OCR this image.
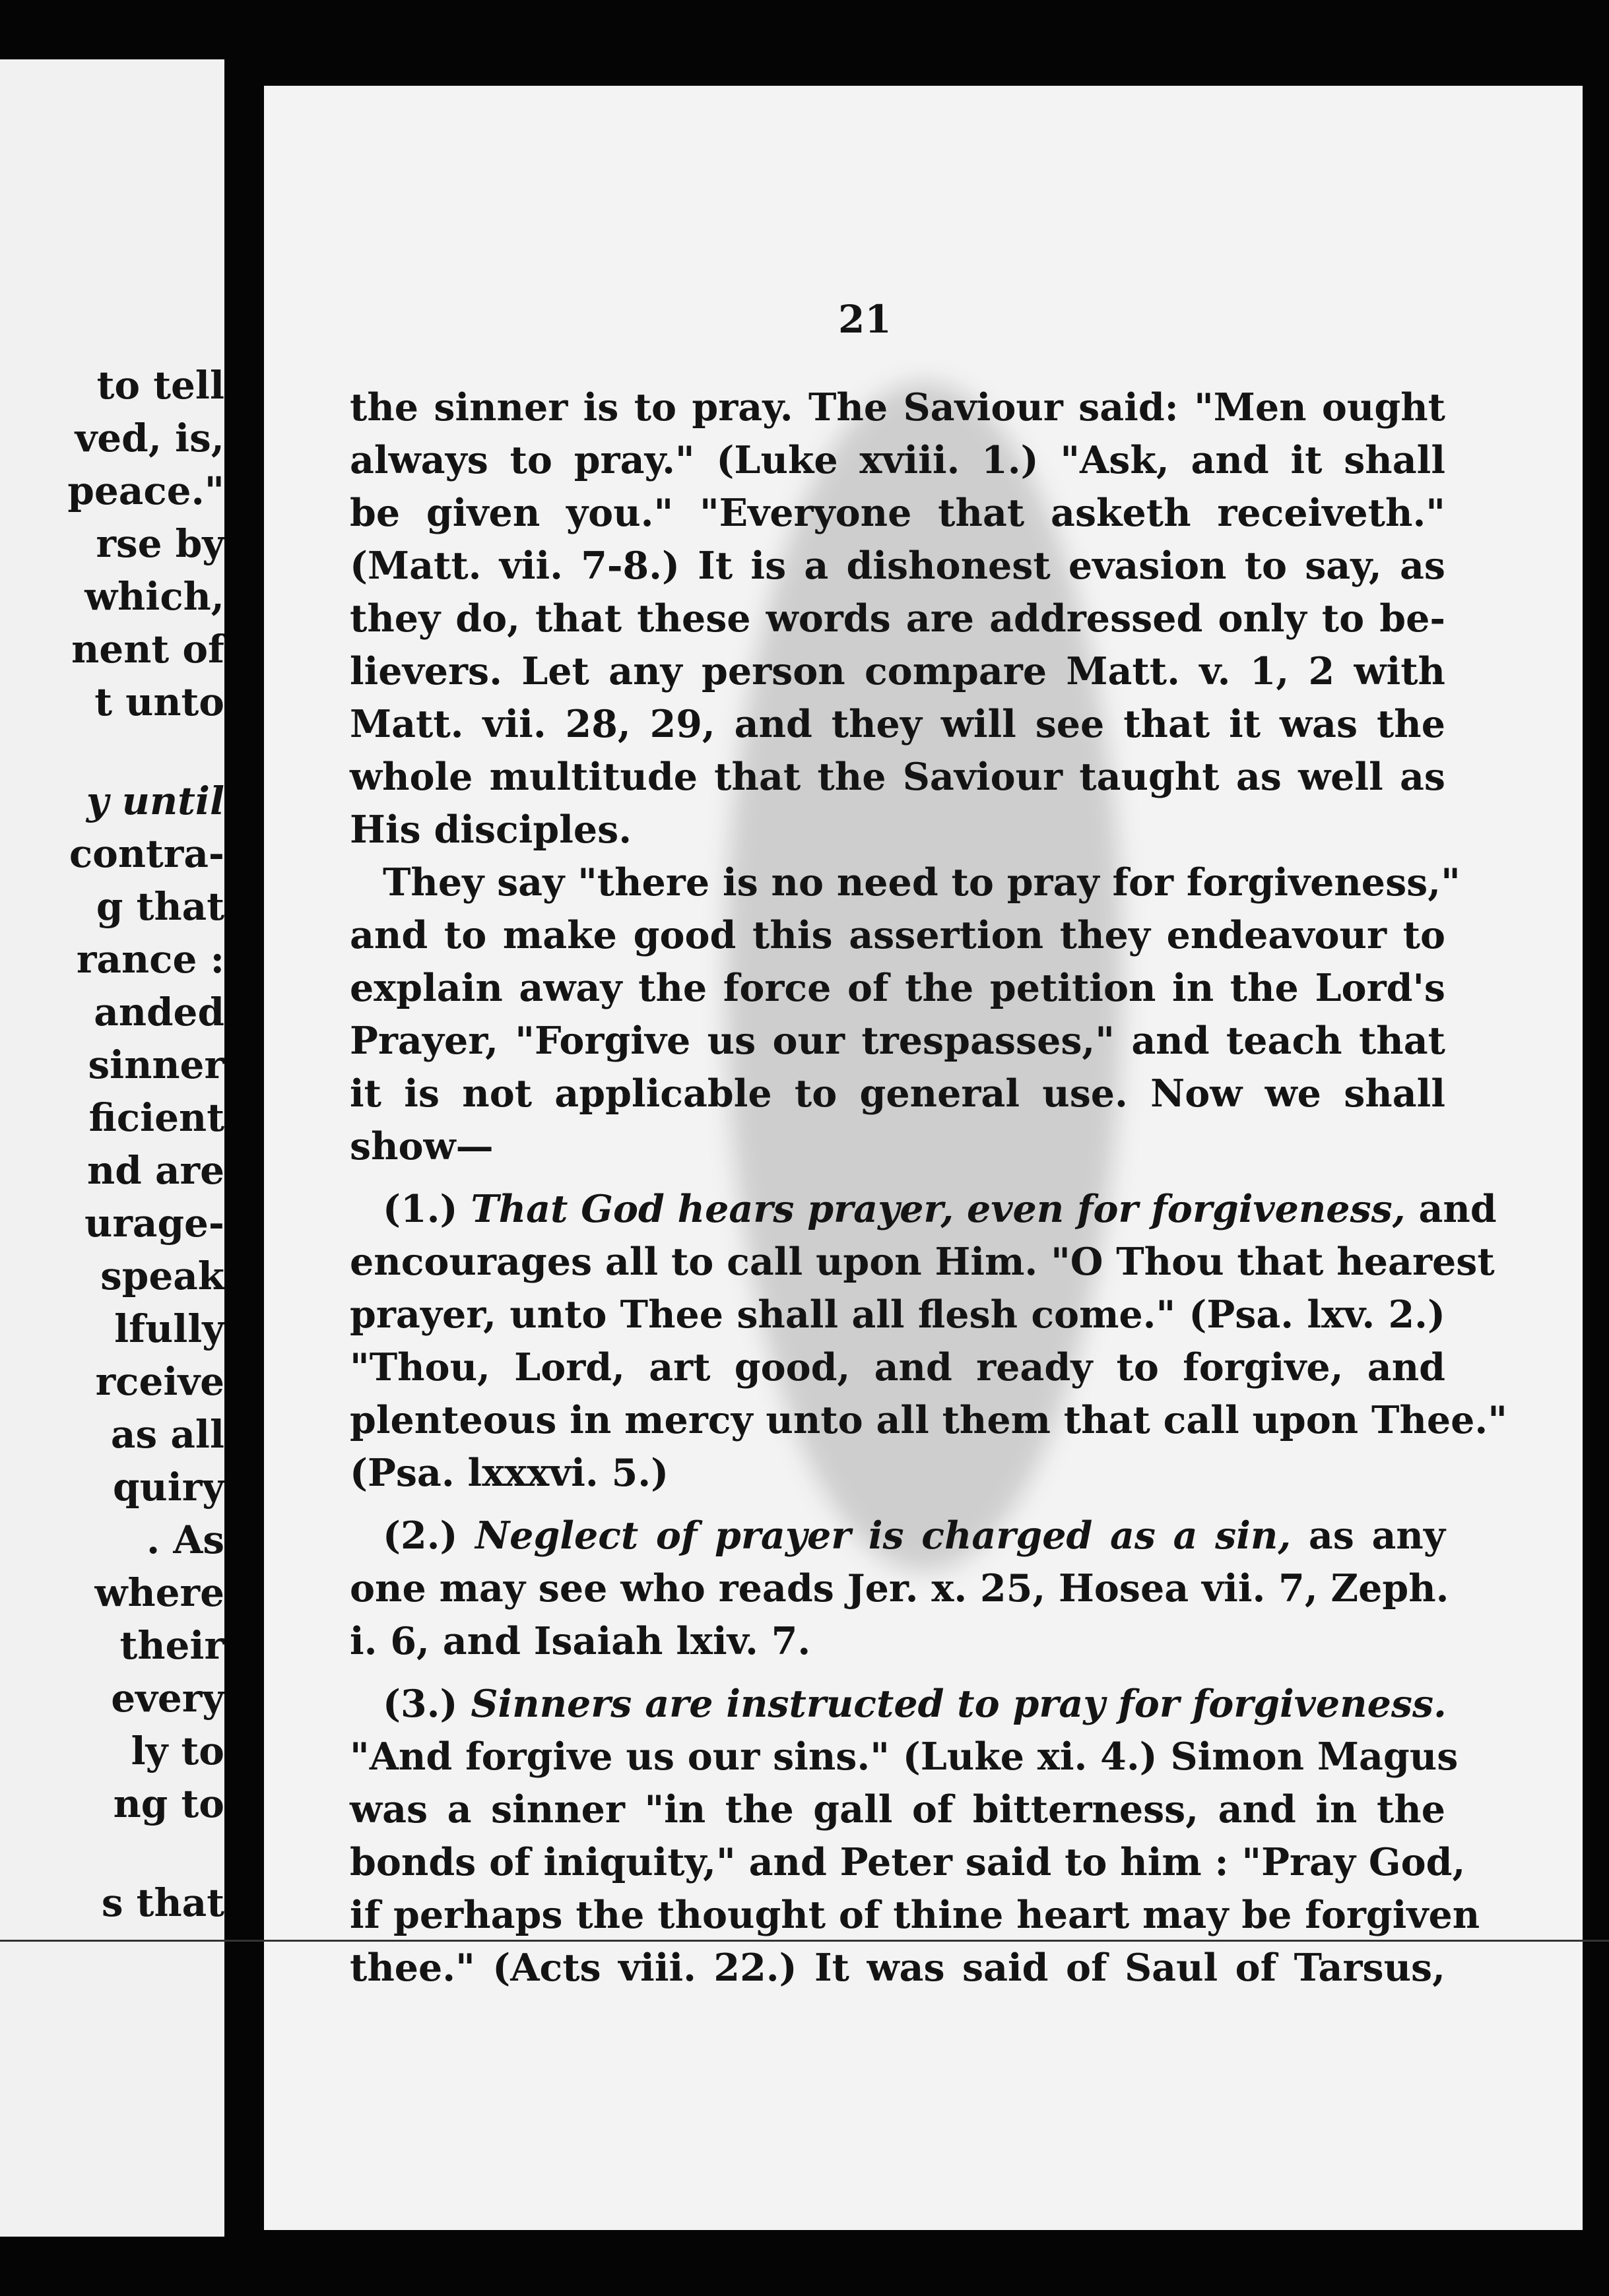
to tell
ved, is,
peace."
rse by
which,
nent of
t unto
y until
contra-
g that
rance :
anded
sinner
ficient
nd are
urage-
speak
lfully
rceive
as all
quiry
. As
where
their
every
ly to
ng to
s that
21
the sinner is to pray. The Saviour said: "Men ought
always to pray." (Luke xviii. 1.) "Ask, and it shall
be given you." "Everyone that asketh receiveth."
(Matt. vii. 7-8.) It is a dishonest evasion to say, as
they do, that these words are addressed only to be-
lievers. Let any person compare Matt. v. 1, 2 with
Matt. vii. 28, 29, and they will see that it was the
whole multitude that the Saviour taught as well as
His disciples.
They say "there is no need to pray for forgiveness,"
and to make good this assertion they endeavour to
explain away the force of the petition in the Lord's
Prayer, "Forgive us our trespasses," and teach that
it is not applicable to general use. Now we shall
show—
(1.) That God hears prayer, even for forgiveness, and
encourages all to call upon Him. "O Thou that hearest
prayer, unto Thee shall all flesh come." (Psa. lxv. 2.)
"Thou, Lord, art good, and ready to forgive, and
plenteous in mercy unto all them that call upon Thee."
(Psa. lxxxvi. 5.)
(2.) Neglect of prayer is charged as a sin, as any
one may see who reads Jer. x. 25, Hosea vii. 7, Zeph.
i. 6, and Isaiah lxiv. 7.
(3.) Sinners are instructed to pray for forgiveness.
"And forgive us our sins." (Luke xi. 4.) Simon Magus
was a sinner "in the gall of bitterness, and in the
bonds of iniquity," and Peter said to him : "Pray God,
if perhaps the thought of thine heart may be forgiven
thee." (Acts viii. 22.) It was said of Saul of Tarsus,
